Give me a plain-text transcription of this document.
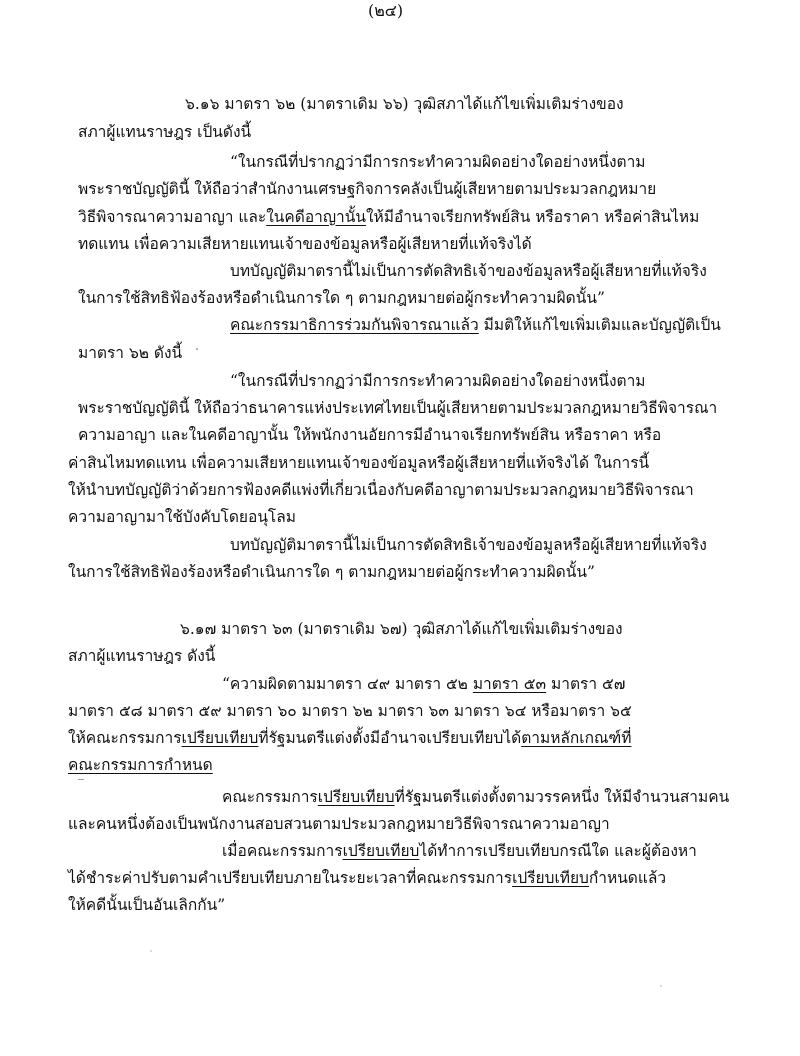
(๒๔)
๖.๑๖ มาตรา ๖๒ (มาตราเดิม ๖๖) วุฒิสภาได้แก้ไขเพิ่มเติมร่างของ
สภาผู้แทนราษฎร เป็นดังนี้
“ในกรณีที่ปรากฏว่ามีการกระทำความผิดอย่างใดอย่างหนึ่งตาม
พระราชบัญญัตินี้ ให้ถือว่าสำนักงานเศรษฐกิจการคลังเป็นผู้เสียหายตามประมวลกฎหมาย
วิธีพิจารณาความอาญา และในคดีอาญานั้นให้มีอำนาจเรียกทรัพย์สิน หรือราคา หรือค่าสินไหม
ทดแทน เพื่อความเสียหายแทนเจ้าของข้อมูลหรือผู้เสียหายที่แท้จริงได้
บทบัญญัติมาตรานี้ไม่เป็นการตัดสิทธิเจ้าของข้อมูลหรือผู้เสียหายที่แท้จริง
ในการใช้สิทธิฟ้องร้องหรือดำเนินการใด ๆ ตามกฎหมายต่อผู้กระทำความผิดนั้น”
คณะกรรมาธิการร่วมกันพิจารณาแล้ว มีมติให้แก้ไขเพิ่มเติมและบัญญัติเป็น
มาตรา ๖๒ ดังนี้
“ในกรณีที่ปรากฏว่ามีการกระทำความผิดอย่างใดอย่างหนึ่งตาม
พระราชบัญญัตินี้ ให้ถือว่าธนาคารแห่งประเทศไทยเป็นผู้เสียหายตามประมวลกฎหมายวิธีพิจารณา
ความอาญา และในคดีอาญานั้น ให้พนักงานอัยการมีอำนาจเรียกทรัพย์สิน หรือราคา หรือ
ค่าสินไหมทดแทน เพื่อความเสียหายแทนเจ้าของข้อมูลหรือผู้เสียหายที่แท้จริงได้ ในการนี้
ให้นำบทบัญญัติว่าด้วยการฟ้องคดีแพ่งที่เกี่ยวเนื่องกับคดีอาญาตามประมวลกฎหมายวิธีพิจารณา
ความอาญามาใช้บังคับโดยอนุโลม
บทบัญญัติมาตรานี้ไม่เป็นการตัดสิทธิเจ้าของข้อมูลหรือผู้เสียหายที่แท้จริง
ในการใช้สิทธิฟ้องร้องหรือดำเนินการใด ๆ ตามกฎหมายต่อผู้กระทำความผิดนั้น”
๖.๑๗ มาตรา ๖๓ (มาตราเดิม ๖๗) วุฒิสภาได้แก้ไขเพิ่มเติมร่างของ
สภาผู้แทนราษฎร ดังนี้
“ความผิดตามมาตรา ๔๙ มาตรา ๕๒ มาตรา ๕๓ มาตรา ๕๗
มาตรา ๕๘ มาตรา ๕๙ มาตรา ๖๐ มาตรา ๖๒ มาตรา ๖๓ มาตรา ๖๔ หรือมาตรา ๖๕
ให้คณะกรรมการเปรียบเทียบที่รัฐมนตรีแต่งตั้งมีอำนาจเปรียบเทียบได้ตามหลักเกณฑ์ที่
คณะกรรมการกำหนด
คณะกรรมการเปรียบเทียบที่รัฐมนตรีแต่งตั้งตามวรรคหนึ่ง ให้มีจำนวนสามคน
และคนหนึ่งต้องเป็นพนักงานสอบสวนตามประมวลกฎหมายวิธีพิจารณาความอาญา
เมื่อคณะกรรมการเปรียบเทียบได้ทำการเปรียบเทียบกรณีใด และผู้ต้องหา
ได้ชำระค่าปรับตามคำเปรียบเทียบภายในระยะเวลาที่คณะกรรมการเปรียบเทียบกำหนดแล้ว
ให้คดีนั้นเป็นอันเลิกกัน”
